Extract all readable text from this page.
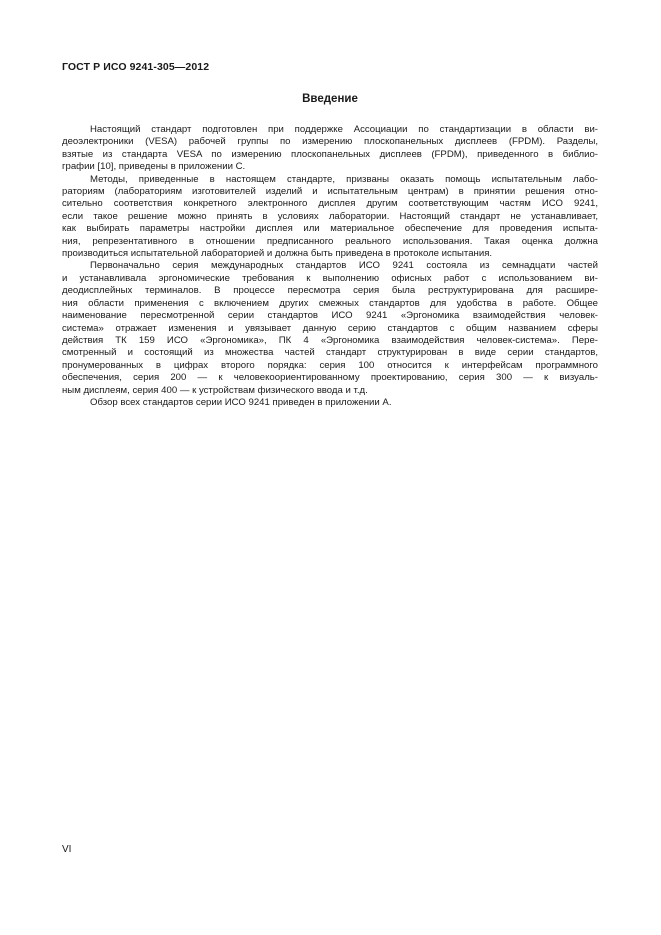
ГОСТ Р ИСО 9241-305—2012
Введение
Настоящий стандарт подготовлен при поддержке Ассоциации по стандартизации в области ви-
деоэлектроники (VESA) рабочей группы по измерению плоскопанельных дисплеев (FPDM). Разделы,
взятые из стандарта VESA по измерению плоскопанельных дисплеев (FPDM), приведенного в библио-
графии [10], приведены в приложении С.
Методы, приведенные в настоящем стандарте, призваны оказать помощь испытательным лабо-
раториям (лабораториям изготовителей изделий и испытательным центрам) в принятии решения отно-
сительно соответствия конкретного электронного дисплея другим соответствующим частям ИСО 9241,
если такое решение можно принять в условиях лаборатории. Настоящий стандарт не устанавливает,
как выбирать параметры настройки дисплея или материальное обеспечение для проведения испыта-
ния, репрезентативного в отношении предписанного реального использования. Такая оценка должна
производиться испытательной лабораторией и должна быть приведена в протоколе испытания.
Первоначально серия международных стандартов ИСО 9241 состояла из семнадцати частей
и устанавливала эргономические требования к выполнению офисных работ с использованием ви-
деодисплейных терминалов. В процессе пересмотра серия была реструктурирована для расшире-
ния области применения с включением других смежных стандартов для удобства в работе. Общее
наименование пересмотренной серии стандартов ИСО 9241 «Эргономика взаимодействия человек-
система» отражает изменения и увязывает данную серию стандартов с общим названием сферы
действия ТК 159 ИСО «Эргономика», ПК 4 «Эргономика взаимодействия человек-система». Пере-
смотренный и состоящий из множества частей стандарт структурирован в виде серии стандартов,
пронумерованных в цифрах второго порядка: серия 100 относится к интерфейсам программного
обеспечения, серия 200 — к человекоориентированному проектированию, серия 300 — к визуаль-
ным дисплеям, серия 400 — к устройствам физического ввода и т.д.
Обзор всех стандартов серии ИСО 9241 приведен в приложении А.
VI
